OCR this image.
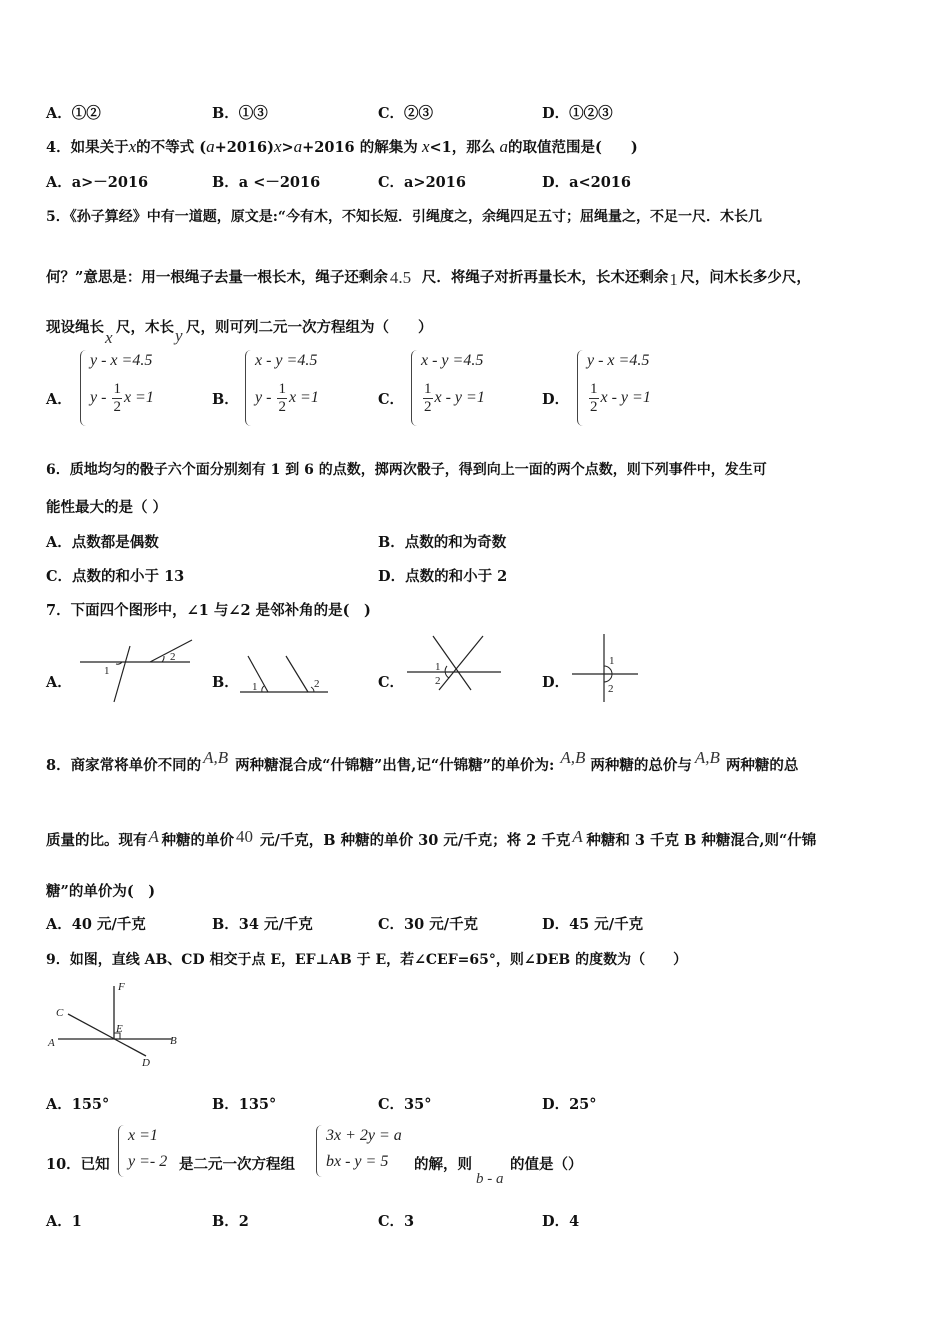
A．①②	B．①③	C．②③	D．①②③
4．如果关于x的不等式 (a+2016)x>a+2016 的解集为 x<1，那么 a的取值范围是(　　)
A．a>－2016	B．a <－2016	C．a>2016	D．a<2016
5．《孙子算经》中有一道题，原文是:“今有木，不知长短．引绳度之，余绳四足五寸；屈绳量之，不足一尺．木长几
何？”意思是：用一根绳子去量一根长木，绳子还剩余 4.5 尺．将绳子对折再量长木，长木还剩余 1 尺，问木长多少尺，
现设绳长
x
尺，木长 y 尺，则可列二元一次方程组为（　　）
A．
y - x =4.5
y - $\frac{1}{2}$ x =1	B．
x - y =4.5
y - $\frac{1}{2}$ x =1	C．
x - y =4.5
$\frac{1}{2}$ x - y =1	D．
y - x =4.5
$\frac{1}{2}$ x - y =1
6．质地均匀的骰子六个面分别刻有 1 到 6 的点数，掷两次骰子，得到向上一面的两个点数，则下列事件中，发生可
能性最大的是（ ）
A．点数都是偶数	B．点数的和为奇数
C．点数的和小于 13	D．点数的和小于 2
7．下面四个图形中，∠1 与∠2 是邻补角的是(　)
A．
1
2
B． 1	2	C．
1
2	D．
1
2
8．商家常将单价不同的 A,B 两种糖混合成“什锦糖”出售,记“什锦糖”的单价为: A,B 两种糖的总价与 A,B 两种糖的总
质量的比。现有 A 种糖的单价 40 元/千克，B 种糖的单价 30 元/千克；将 2 千克 A 种糖和 3 千克 B 种糖混合,则“什锦
糖”的单价为(　)
A．40 元/千克	B．34 元/千克	C．30 元/千克	D．45 元/千克
9．如图，直线 AB、CD 相交于点 E，EF⊥AB 于 E，若∠CEF=65°，则∠DEB 的度数为（　　）
F
C
E
A	B
D
A．155°	B．135°	C．35°	D．25°
10．已知
x =1
y =- 2 是二元一次方程组
3x + 2y = a
bx - y = 5 的解，则
b - a
的值是（）
A．1	B．2	C．3	D．4
